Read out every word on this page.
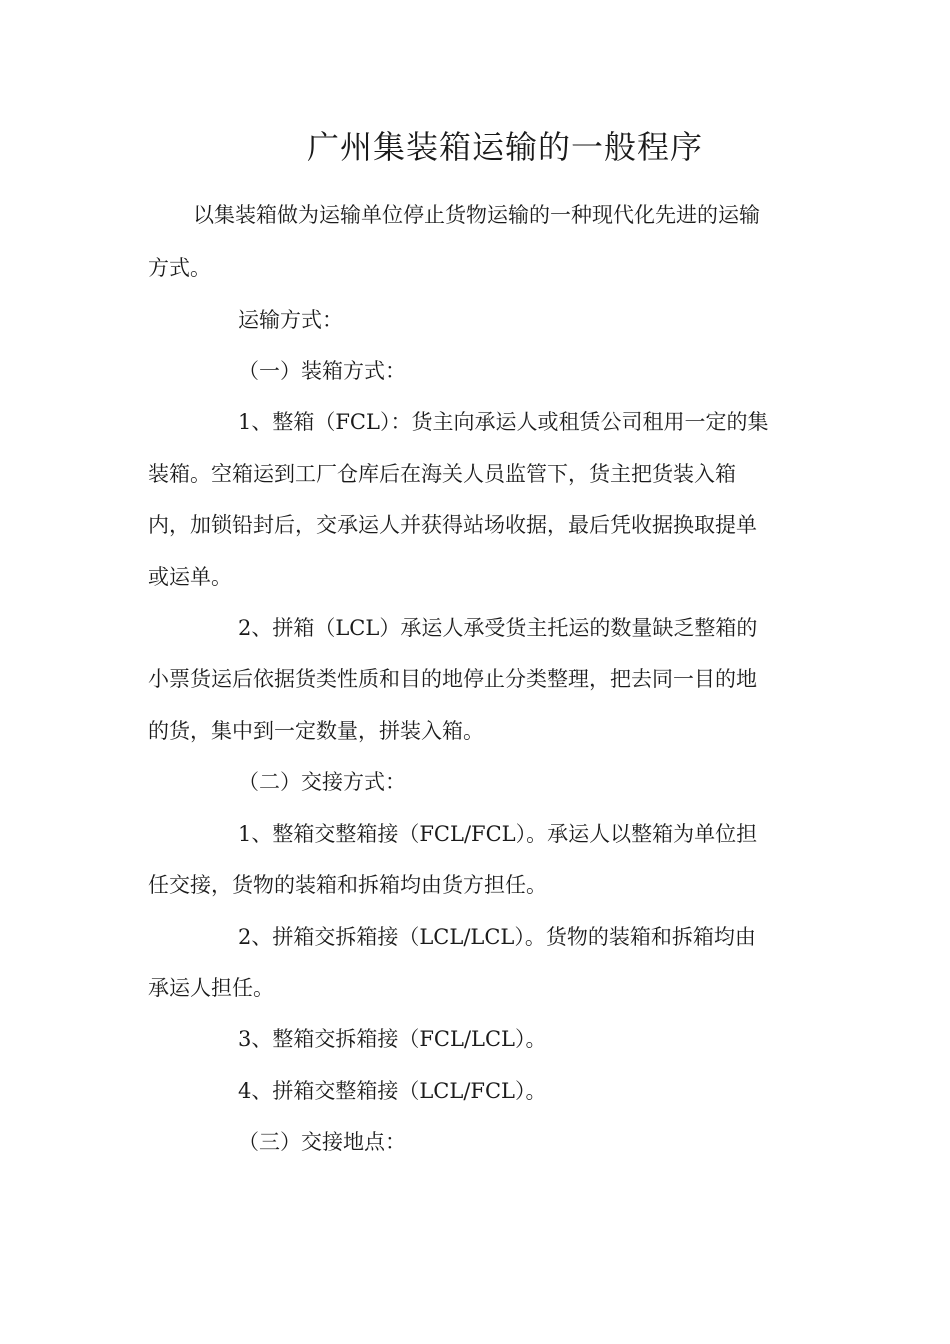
广州集装箱运输的一般程序
以集装箱做为运输单位停止货物运输的一种现代化先进的运输
方式。
运输方式：
（一）装箱方式：
1、整箱（FCL）：货主向承运人或租赁公司租用一定的集
装箱。空箱运到工厂仓库后在海关人员监管下，货主把货装入箱
内，加锁铅封后，交承运人并获得站场收据，最后凭收据换取提单
或运单。
2、拼箱（LCL）承运人承受货主托运的数量缺乏整箱的
小票货运后依据货类性质和目的地停止分类整理，把去同一目的地
的货，集中到一定数量，拼装入箱。
（二）交接方式：
1、整箱交整箱接（FCL/FCL）。承运人以整箱为单位担
任交接，货物的装箱和拆箱均由货方担任。
2、拼箱交拆箱接（LCL/LCL）。货物的装箱和拆箱均由
承运人担任。
3、整箱交拆箱接（FCL/LCL）。
4、拼箱交整箱接（LCL/FCL）。
（三）交接地点：
